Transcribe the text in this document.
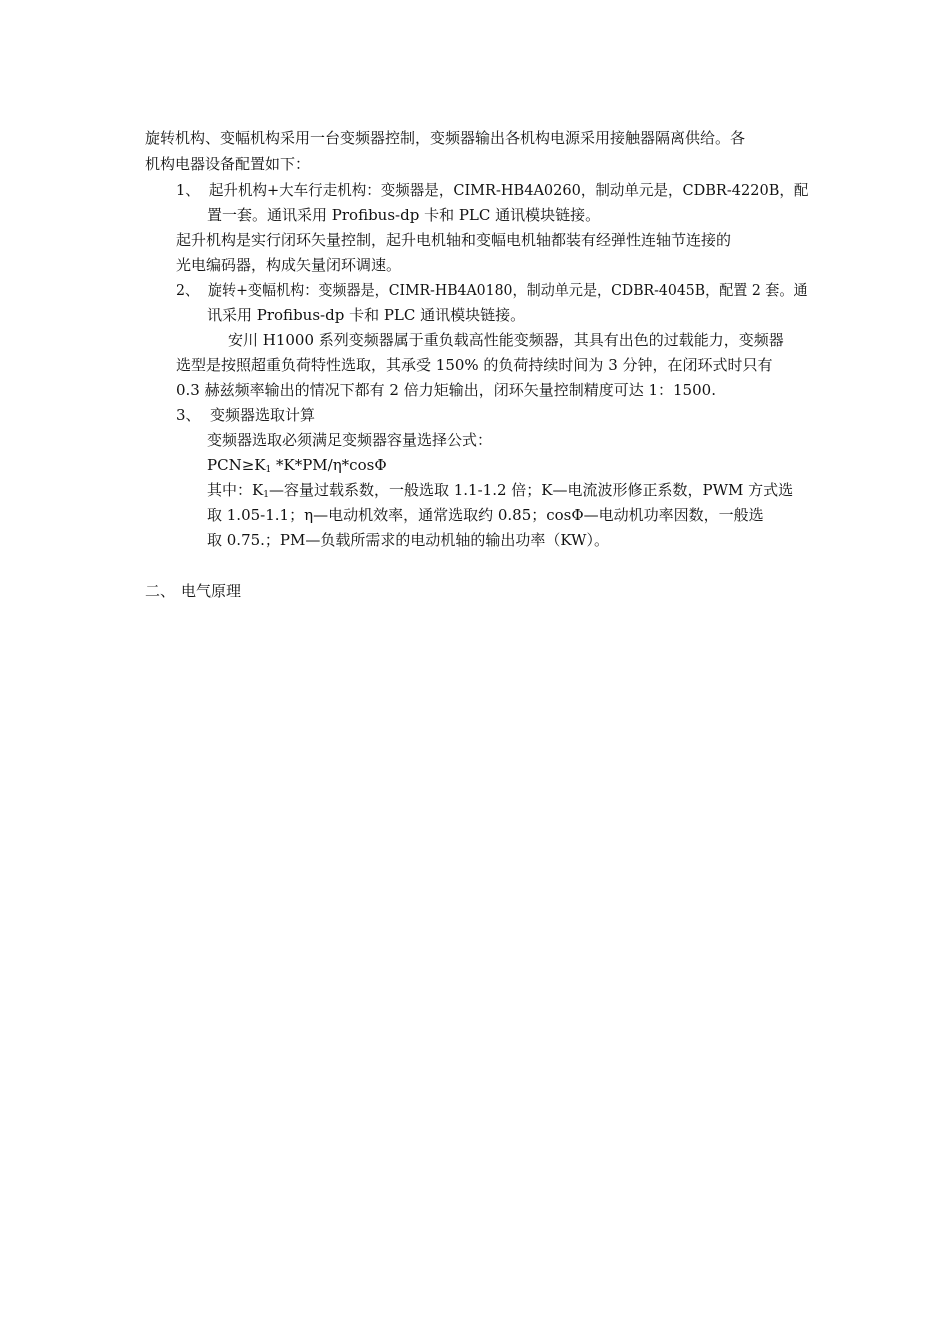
旋转机构、变幅机构采用一台变频器控制，变频器输出各机构电源采用接触器隔离供给。各
机构电器设备配置如下：
1、 起升机构+大车行走机构：变频器是，CIMR-HB4A0260，制动单元是，CDBR-4220B，配
置一套。通讯采用 Profibus-dp 卡和 PLC 通讯模块链接。
起升机构是实行闭环矢量控制，起升电机轴和变幅电机轴都装有经弹性连轴节连接的
光电编码器，构成矢量闭环调速。
2、 旋转+变幅机构：变频器是，CIMR-HB4A0180，制动单元是，CDBR-4045B，配置 2 套。通
讯采用 Profibus-dp 卡和 PLC 通讯模块链接。
安川 H1000 系列变频器属于重负载高性能变频器，其具有出色的过载能力，变频器
选型是按照超重负荷特性选取，其承受 150% 的负荷持续时间为 3 分钟，在闭环式时只有
0.3 赫兹频率输出的情况下都有 2 倍力矩输出，闭环矢量控制精度可达 1：1500.
3、 变频器选取计算
变频器选取必须满足变频器容量选择公式：
$PCN\ge K_1$ *K*PM/η*cosΦ
其中：$K_1—$容量过载系数，一般选取 1.1-1.2 倍；K—电流波形修正系数，PWM 方式选
取 1.05-1.1；η—电动机效率，通常选取约 0.85；cosΦ—电动机功率因数，一般选
取 0.75.；PM—负载所需求的电动机轴的输出功率（KW）。
二、 电气原理
